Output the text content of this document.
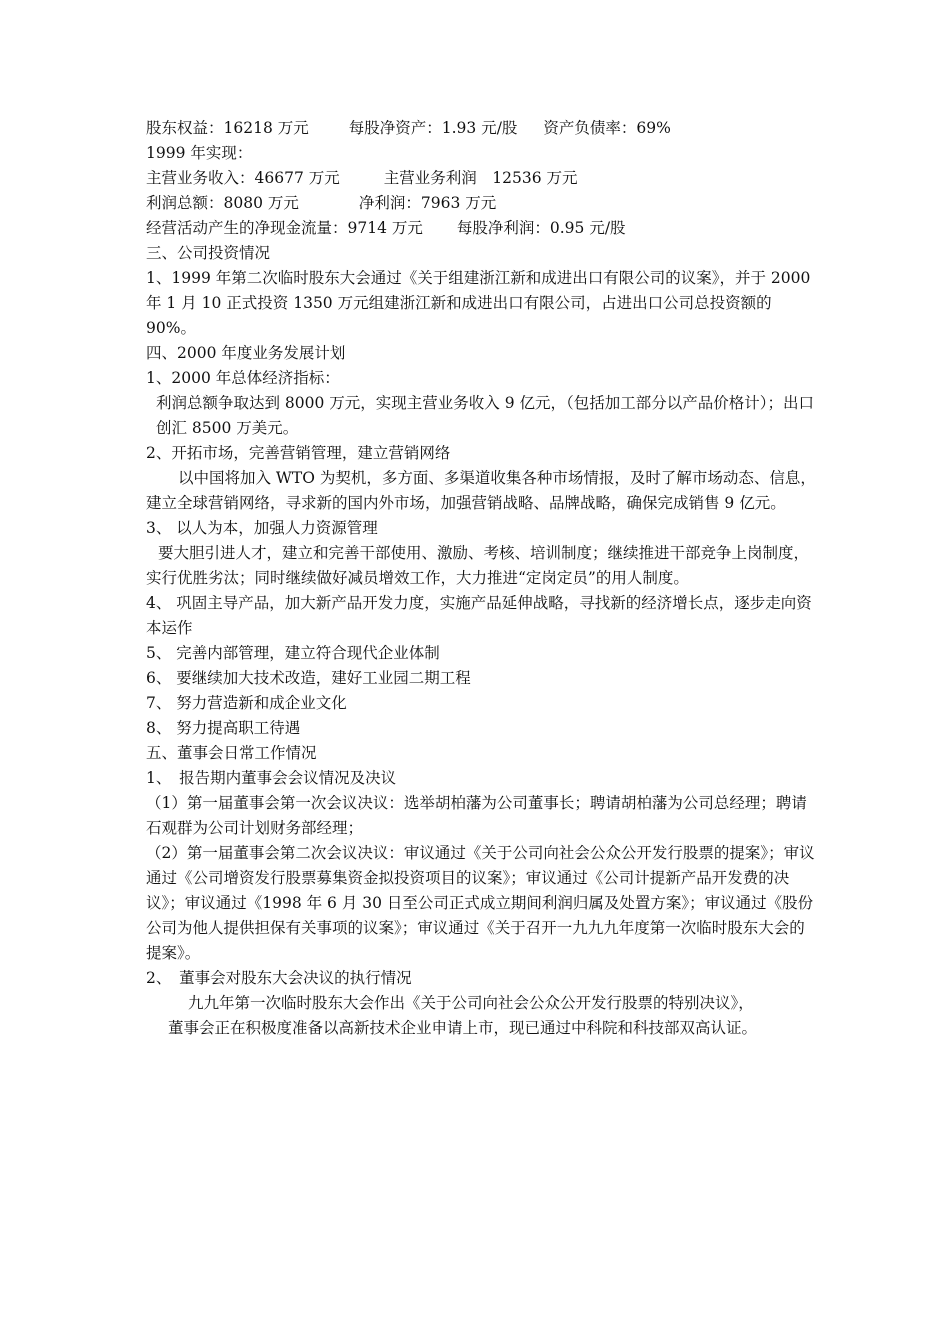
股东权益：16218 万元	每股净资产：1.93 元/股 资产负债率：69%
1999 年实现：
主营业务收入：46677 万元	主营业务利润　12536 万元
利润总额：8080 万元	净利润：7963 万元
经营活动产生的净现金流量：9714 万元 每股净利润：0.95 元/股
三、公司投资情况
1、1999 年第二次临时股东大会通过《关于组建浙江新和成进出口有限公司的议案》，并于 2000 年 1 月 10 正式投资 1350 万元组建浙江新和成进出口有限公司，占进出口公司总投资额的 90%。
四、2000 年度业务发展计划
1、2000 年总体经济指标：
利润总额争取达到 8000 万元，实现主营业务收入 9 亿元，（包括加工部分以产品价格计）；出口创汇 8500 万美元。
2、开拓市场，完善营销管理，建立营销网络
以中国将加入 WTO 为契机，多方面、多渠道收集各种市场情报，及时了解市场动态、信息，建立全球营销网络，寻求新的国内外市场，加强营销战略、品牌战略，确保完成销售 9 亿元。
3、 以人为本，加强人力资源管理
要大胆引进人才，建立和完善干部使用、激励、考核、培训制度；继续推进干部竞争上岗制度，实行优胜劣汰；同时继续做好减员增效工作，大力推进“定岗定员”的用人制度。
4、 巩固主导产品，加大新产品开发力度，实施产品延伸战略，寻找新的经济增长点，逐步走向资本运作
5、 完善内部管理，建立符合现代企业体制
6、 要继续加大技术改造，建好工业园二期工程
7、 努力营造新和成企业文化
8、 努力提高职工待遇
五、董事会日常工作情况
1、　报告期内董事会会议情况及决议
（1）第一届董事会第一次会议决议：选举胡柏藩为公司董事长；聘请胡柏藩为公司总经理；聘请石观群为公司计划财务部经理；
（2）第一届董事会第二次会议决议：审议通过《关于公司向社会公众公开发行股票的提案》；审议通过《公司增资发行股票募集资金拟投资项目的议案》；审议通过《公司计提新产品开发费的决议》；审议通过《1998 年 6 月 30 日至公司正式成立期间利润归属及处置方案》；审议通过《股份公司为他人提供担保有关事项的议案》；审议通过《关于召开一九九九年度第一次临时股东大会的提案》。
2、　董事会对股东大会决议的执行情况
九九年第一次临时股东大会作出《关于公司向社会公众公开发行股票的特别决议》，
董事会正在积极度准备以高新技术企业申请上市，现已通过中科院和科技部双高认证。
